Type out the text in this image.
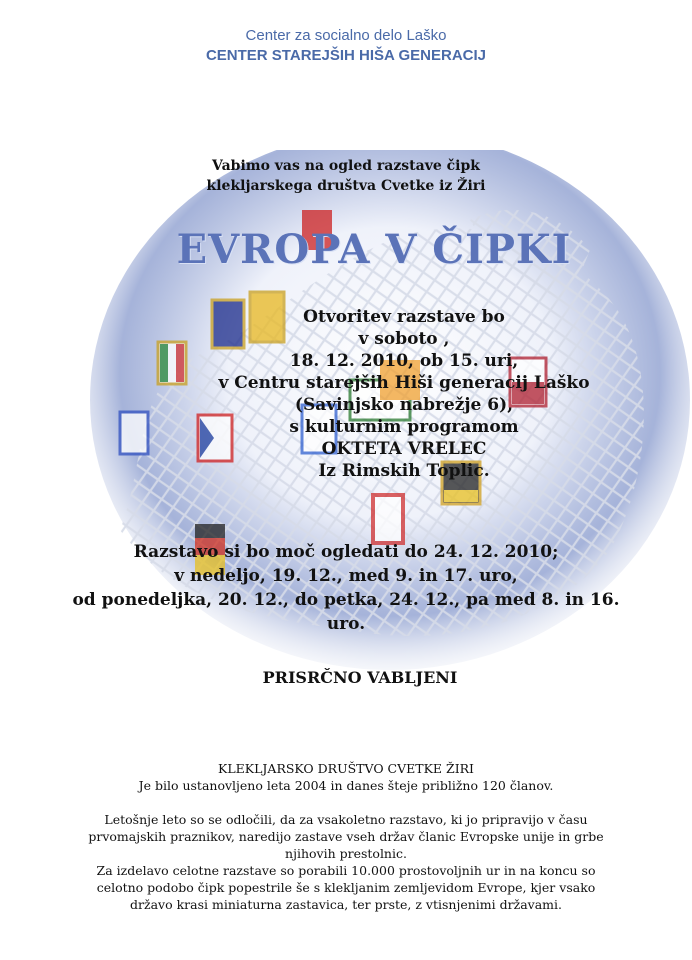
Center za socialno delo Laško
CENTER STAREJŠIH HIŠA GENERACIJ
Vabimo vas na ogled razstave čipk
klekljarskega društva Cvetke iz Žiri
EVROPA V ČIPKI
Otvoritev razstave bo
v soboto ,
18. 12. 2010, ob 15. uri,
v Centru starejših Hiši generacij Laško
(Savinjsko nabrežje 6),
s kulturnim programom
OKTETA VRELEC
Iz Rimskih Toplic.
Razstavo si bo moč ogledati do 24. 12. 2010;
v nedeljo, 19. 12., med 9. in 17. uro,
od ponedeljka, 20. 12., do petka, 24. 12., pa med 8. in 16.
uro.
PRISRČNO VABLJENI

KLEKLJARSKO DRUŠTVO CVETKE ŽIRI

Je bilo ustanovljeno leta 2004 in danes šteje približno 120 članov.

Letošnje leto so se odločili, da za vsakoletno razstavo, ki jo pripravijo v času

prvomajskih praznikov, naredijo zastave vseh držav članic Evropske unije in grbe

njihovih prestolnic.

Za izdelavo celotne razstave so porabili 10.000 prostovoljnih ur in na koncu so

celotno podobo čipk popestrile še s klekljanim zemljevidom Evrope, kjer vsako

državo krasi miniaturna zastavica, ter prste, z vtisnjenimi državami.
